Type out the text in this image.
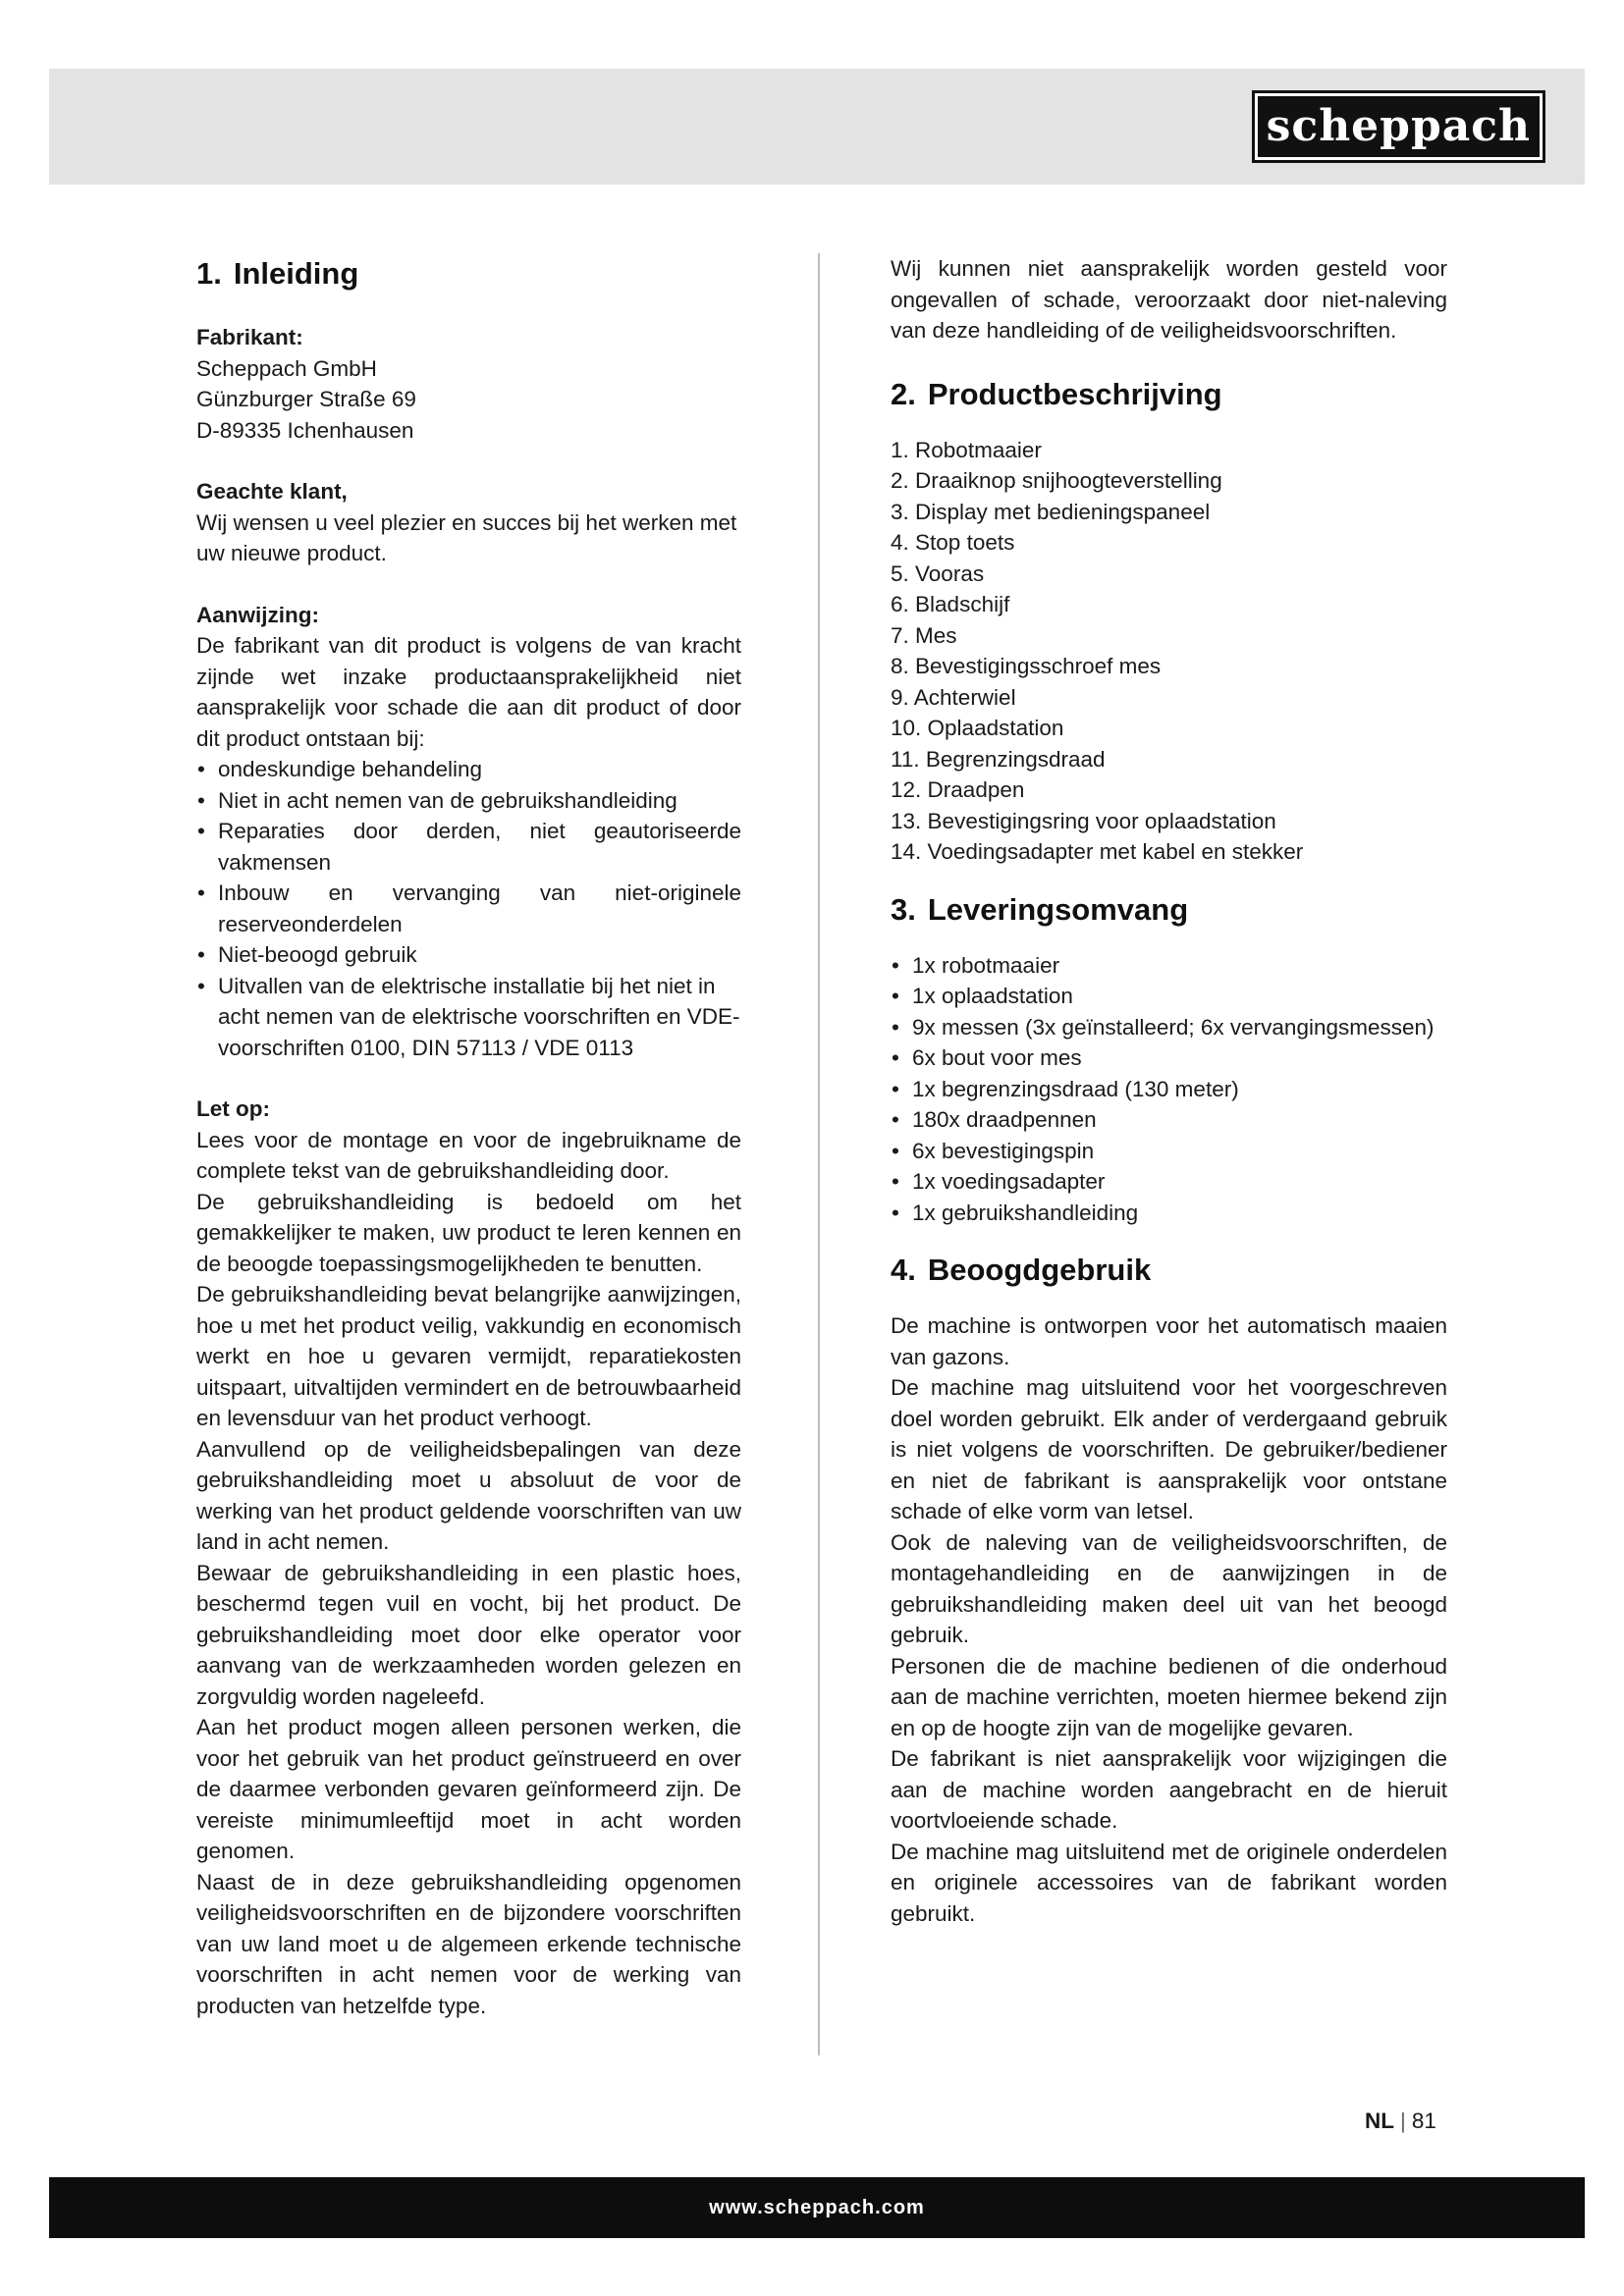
scheppach
1. Inleiding

Fabrikant:

Scheppach GmbH

Günzburger Straße 69

D-89335 Ichenhausen

Geachte klant,

Wij wensen u veel plezier en succes bij het werken met uw nieuwe product.

Aanwijzing:

De fabrikant van dit product is volgens de van kracht zijnde wet inzake productaansprakelijkheid niet aansprakelijk voor schade die aan dit product of door dit product ontstaan bij:

• ondeskundige behandeling
• Niet in acht nemen van de gebruikshandleiding
• Reparaties door derden, niet geautoriseerde vakmensen
• Inbouw en vervanging van niet-originele reserveonderdelen
• Niet-beoogd gebruik
• Uitvallen van de elektrische installatie bij het niet in acht nemen van de elektrische voorschriften en VDE-voorschriften 0100, DIN 57113 / VDE 0113

Let op:

Lees voor de montage en voor de ingebruikname de complete tekst van de gebruikshandleiding door.

De gebruikshandleiding is bedoeld om het gemakkelijker te maken, uw product te leren kennen en de beoogde toepassingsmogelijkheden te benutten.

De gebruikshandleiding bevat belangrijke aanwijzingen, hoe u met het product veilig, vakkundig en economisch werkt en hoe u gevaren vermijdt, reparatiekosten uitspaart, uitvaltijden vermindert en de betrouwbaarheid en levensduur van het product verhoogt.

Aanvullend op de veiligheidsbepalingen van deze gebruikshandleiding moet u absoluut de voor de werking van het product geldende voorschriften van uw land in acht nemen.

Bewaar de gebruikshandleiding in een plastic hoes, beschermd tegen vuil en vocht, bij het product. De gebruikshandleiding moet door elke operator voor aanvang van de werkzaamheden worden gelezen en zorgvuldig worden nageleefd.

Aan het product mogen alleen personen werken, die voor het gebruik van het product geïnstrueerd en over de daarmee verbonden gevaren geïnformeerd zijn. De vereiste minimumleeftijd moet in acht worden genomen.

Naast de in deze gebruikshandleiding opgenomen veiligheidsvoorschriften en de bijzondere voorschriften van uw land moet u de algemeen erkende technische voorschriften in acht nemen voor de werking van producten van hetzelfde type.

Wij kunnen niet aansprakelijk worden gesteld voor ongevallen of schade, veroorzaakt door niet-naleving van deze handleiding of de veiligheidsvoorschriften.

2. Productbeschrijving
1. Robotmaaier
2. Draaiknop snijhoogteverstelling
3. Display met bedieningspaneel
4. Stop toets
5. Vooras
6. Bladschijf
7. Mes
8. Bevestigingsschroef mes
9. Achterwiel
10. Oplaadstation
11. Begrenzingsdraad
12. Draadpen
13. Bevestigingsring voor oplaadstation
14. Voedingsadapter met kabel en stekker
3. Leveringsomvang
• 1x robotmaaier
• 1x oplaadstation
• 9x messen (3x geïnstalleerd; 6x vervangingsmessen)
• 6x bout voor mes
• 1x begrenzingsdraad (130 meter)
• 180x draadpennen
• 6x bevestigingspin
• 1x voedingsadapter
• 1x gebruikshandleiding
4. Beoogdgebruik

De machine is ontworpen voor het automatisch maaien van gazons.

De machine mag uitsluitend voor het voorgeschreven doel worden gebruikt. Elk ander of verdergaand gebruik is niet volgens de voorschriften. De gebruiker/bediener en niet de fabrikant is aansprakelijk voor ontstane schade of elke vorm van letsel.

Ook de naleving van de veiligheidsvoorschriften, de montagehandleiding en de aanwijzingen in de gebruikshandleiding maken deel uit van het beoogd gebruik.

Personen die de machine bedienen of die onderhoud aan de machine verrichten, moeten hiermee bekend zijn en op de hoogte zijn van de mogelijke gevaren.

De fabrikant is niet aansprakelijk voor wijzigingen die aan de machine worden aangebracht en de hieruit voortvloeiende schade.

De machine mag uitsluitend met de originele onderdelen en originele accessoires van de fabrikant worden gebruikt.

NL | 81
www.scheppach.com
